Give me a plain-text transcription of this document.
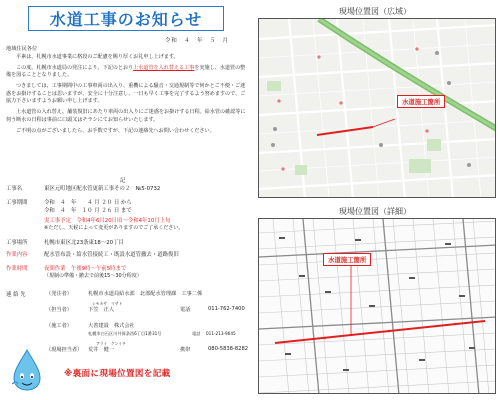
水道工事のお知らせ
令和　４　年　５　月
地域住民各位

平素は、札幌市水道事業に格段のご配慮を賜り厚くお礼申し上げます。

この度、札幌市水道局の発注により、下記のとおり上水道管を入れ替える工事を実施し、水道管の整備を図ることとなりました。

つきましては、工事期間中の工事車両の出入り、重機による騒音・交通規制等で何かとご不便・ご迷惑をお掛けすることは思いますが、安全に十分注意し、一日も早く工事を完了するよう努めますので、ご協力下さいますようお願い申し上げます。

上水道管の入れ替え、舗装復旧にあたり車両の出入りにご迷惑をお掛けする日程。給水管の確認等に伺う断水の日程は事前に口頭又はチラシにてお知らせいたします。

ご不明の点がございましたら、お手数ですが、下記の連絡先へお問い合わせください。

記
工事名	東区元町地区配水管更新工事その２　№5-0732
工事期間	令和　４　年　　４ 月 ２０ 日 から
令和　４　年　１０ 月 ２６ 日 まで
実工事予定　令和4年6月20日頃～令和4年10月上旬
※ただし、天候によって変更がありますのでご了承ください。
工事場所	札幌市東区北23条東18～20丁目
作業内容	配水管布設・給水管接続工・既設水道管撤去・道路復旧
作業時間	夜間作業　午後9時～午前5時まで
（規制の準備・撤去で前後15～30分程度）
連 絡 先	（発注者）	札幌市水道局給水部　北部配水管理課　工事二係
（担当者）	下笠　正人	電話	011-762-7400
シモカサ　マサト
（施工者）	大善建設　株式会社
札幌市白石区川井保条西6丁目1番31号	電話	011-213-9645
（現場担当者）	荒井　健一	携帯	080-5838-8282
アライ　ケンイチ
※裏面に現場位置図を記載
現場位置図（広域）
水道施工箇所
現場位置図（詳細）
水道施工箇所
